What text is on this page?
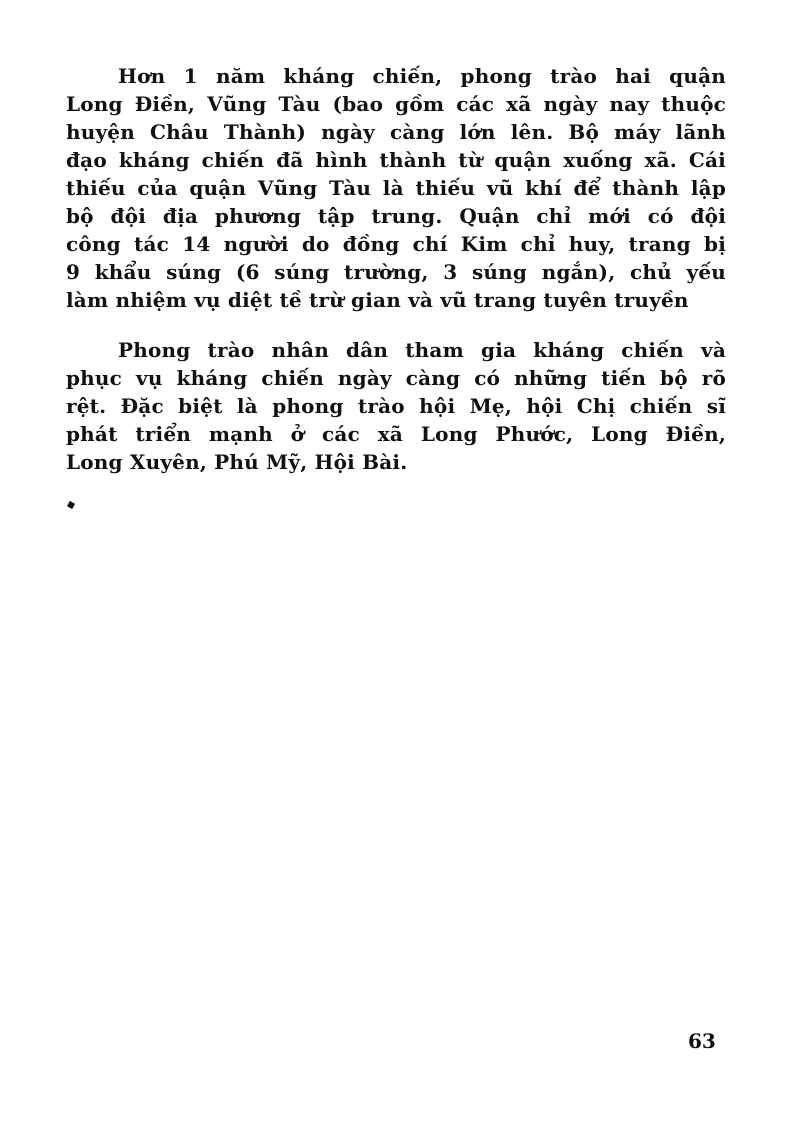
Hơn 1 năm kháng chiến, phong trào hai quận
Long Điền, Vũng Tàu (bao gồm các xã ngày nay thuộc
huyện Châu Thành) ngày càng lớn lên. Bộ máy lãnh
đạo kháng chiến đã hình thành từ quận xuống xã. Cái
thiếu của quận Vũng Tàu là thiếu vũ khí để thành lập
bộ đội địa phương tập trung. Quận chỉ mới có đội
công tác 14 người do đồng chí Kim chỉ huy, trang bị
9 khẩu súng (6 súng trường, 3 súng ngắn), chủ yếu
làm nhiệm vụ diệt tề trừ gian và vũ trang tuyên truyền
Phong trào nhân dân tham gia kháng chiến và
phục vụ kháng chiến ngày càng có những tiến bộ rõ
rệt. Đặc biệt là phong trào hội Mẹ, hội Chị chiến sĩ
phát triển mạnh ở các xã Long Phước, Long Điền,
Long Xuyên, Phú Mỹ, Hội Bài.
63
